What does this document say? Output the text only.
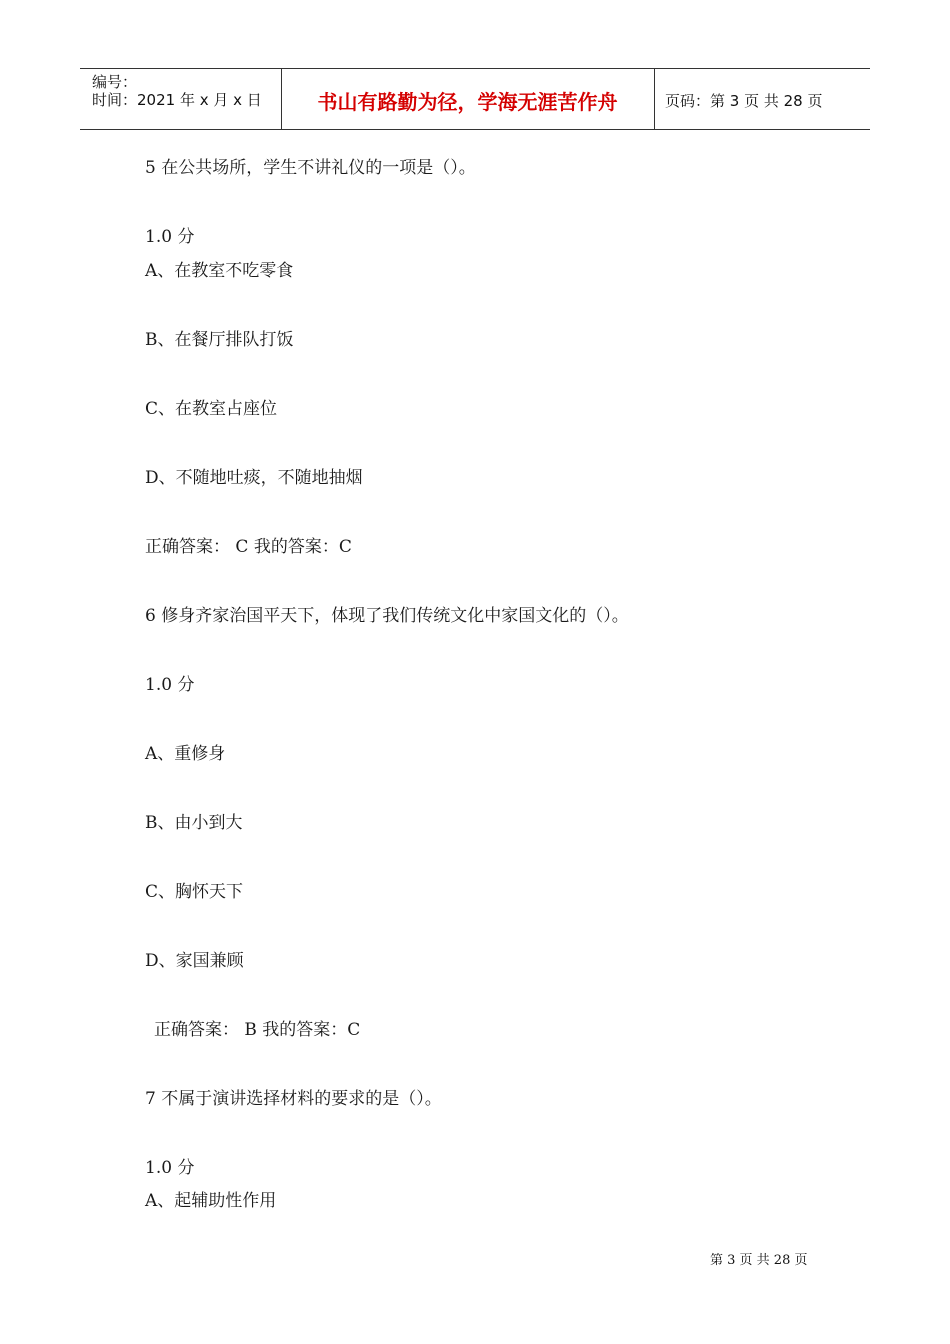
编号：
时间：2021 年 x 月 x 日	书山有路勤为径，学海无涯苦作舟	页码：第 3 页 共 28 页
5 在公共场所，学生不讲礼仪的一项是（）。
1.0 分
A、在教室不吃零食
B、在餐厅排队打饭
C、在教室占座位
D、不随地吐痰，不随地抽烟
正确答案： C 我的答案：C
6 修身齐家治国平天下，体现了我们传统文化中家国文化的（）。
1.0 分
A、重修身
B、由小到大
C、胸怀天下
D、家国兼顾
正确答案： B 我的答案：C
7 不属于演讲选择材料的要求的是（）。
1.0 分
A、起辅助性作用
第 3 页 共 28 页
